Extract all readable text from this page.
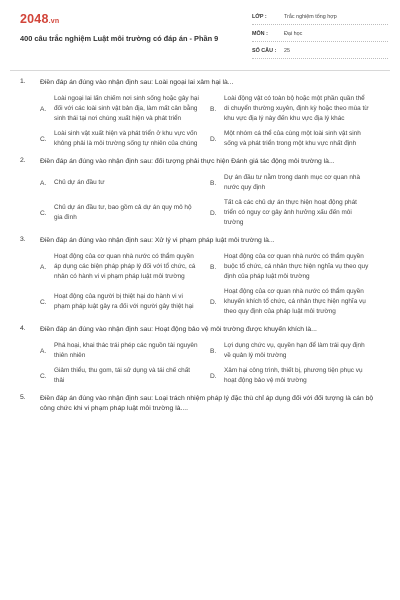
2048.vn
400 câu trắc nghiệm Luật môi trường có đáp án - Phần 9
LỚP :	Trắc nghiệm tổng hợp
MÔN :	Đại học
SỐ CÂU :	25
1. Điền đáp án đúng vào nhận định sau: Loài ngoại lai xâm hại là...
A.
Loài ngoại lai lấn chiếm nơi sinh sống hoặc gây hại đối với các loài sinh vật bản địa, làm mất cân bằng sinh thái tại nơi chúng xuất hiện và phát triển
B.
Loài động vật có toàn bộ hoặc một phần quần thể di chuyển thường xuyên, định kỳ hoặc theo mùa từ khu vực địa lý này đến khu vực địa lý khác
C.
Loài sinh vật xuất hiện và phát triển ở khu vực vốn không phải là môi trường sống tự nhiên của chúng
D.
Một nhóm cá thể của cùng một loài sinh vật sinh sống và phát triển trong một khu vực nhất định
2. Điền đáp án đúng vào nhận định sau: đối tượng phải thực hiện Đánh giá tác động môi trường là...
A.	Chủ dự án đầu tư	B.
Dự án đầu tư nằm trong danh mục cơ quan nhà nước quy định
C.
Chủ dự án đầu tư, bao gồm cả dự án quy mô hộ gia đình
D.
Tất cả các chủ dự án thực hiện hoạt động phát triển có nguy cơ gây ảnh hưởng xấu đến môi trường
3. Điền đáp án đúng vào nhận định sau: Xử lý vi phạm pháp luật môi trường là...
A.
Hoạt động của cơ quan nhà nước có thẩm quyền áp dụng các biện pháp pháp lý đối với tổ chức, cá nhân có hành vi vi phạm pháp luật môi trường
B.
Hoạt động của cơ quan nhà nước có thẩm quyền buộc tổ chức, cá nhân thực hiện nghĩa vụ theo quy định của pháp luật môi trường
C.
Hoạt động của người bị thiệt hại do hành vi vi phạm pháp luật gây ra đối với người gây thiệt hại
D.
Hoạt động của cơ quan nhà nước có thẩm quyền khuyến khích tổ chức, cá nhân thực hiện nghĩa vụ theo quy định của pháp luật môi trường
4. Điền đáp án đúng vào nhận định sau: Hoạt động bảo vệ môi trường được khuyến khích là...
A.
Phá hoại, khai thác trái phép các nguồn tài nguyên thiên nhiên
B.
Lợi dụng chức vụ, quyền hạn để làm trái quy định về quản lý môi trường
C.
Giảm thiểu, thu gom, tái sử dụng và tái chế chất thải
D.
Xâm hại công trình, thiết bị, phương tiện phục vụ hoạt động bảo vệ môi trường
5. Điền đáp án đúng vào nhận định sau: Loại trách nhiệm pháp lý đặc thù chỉ áp dụng đối với đối tượng là cán bộ công chức khi vi phạm pháp luật môi trường là....
